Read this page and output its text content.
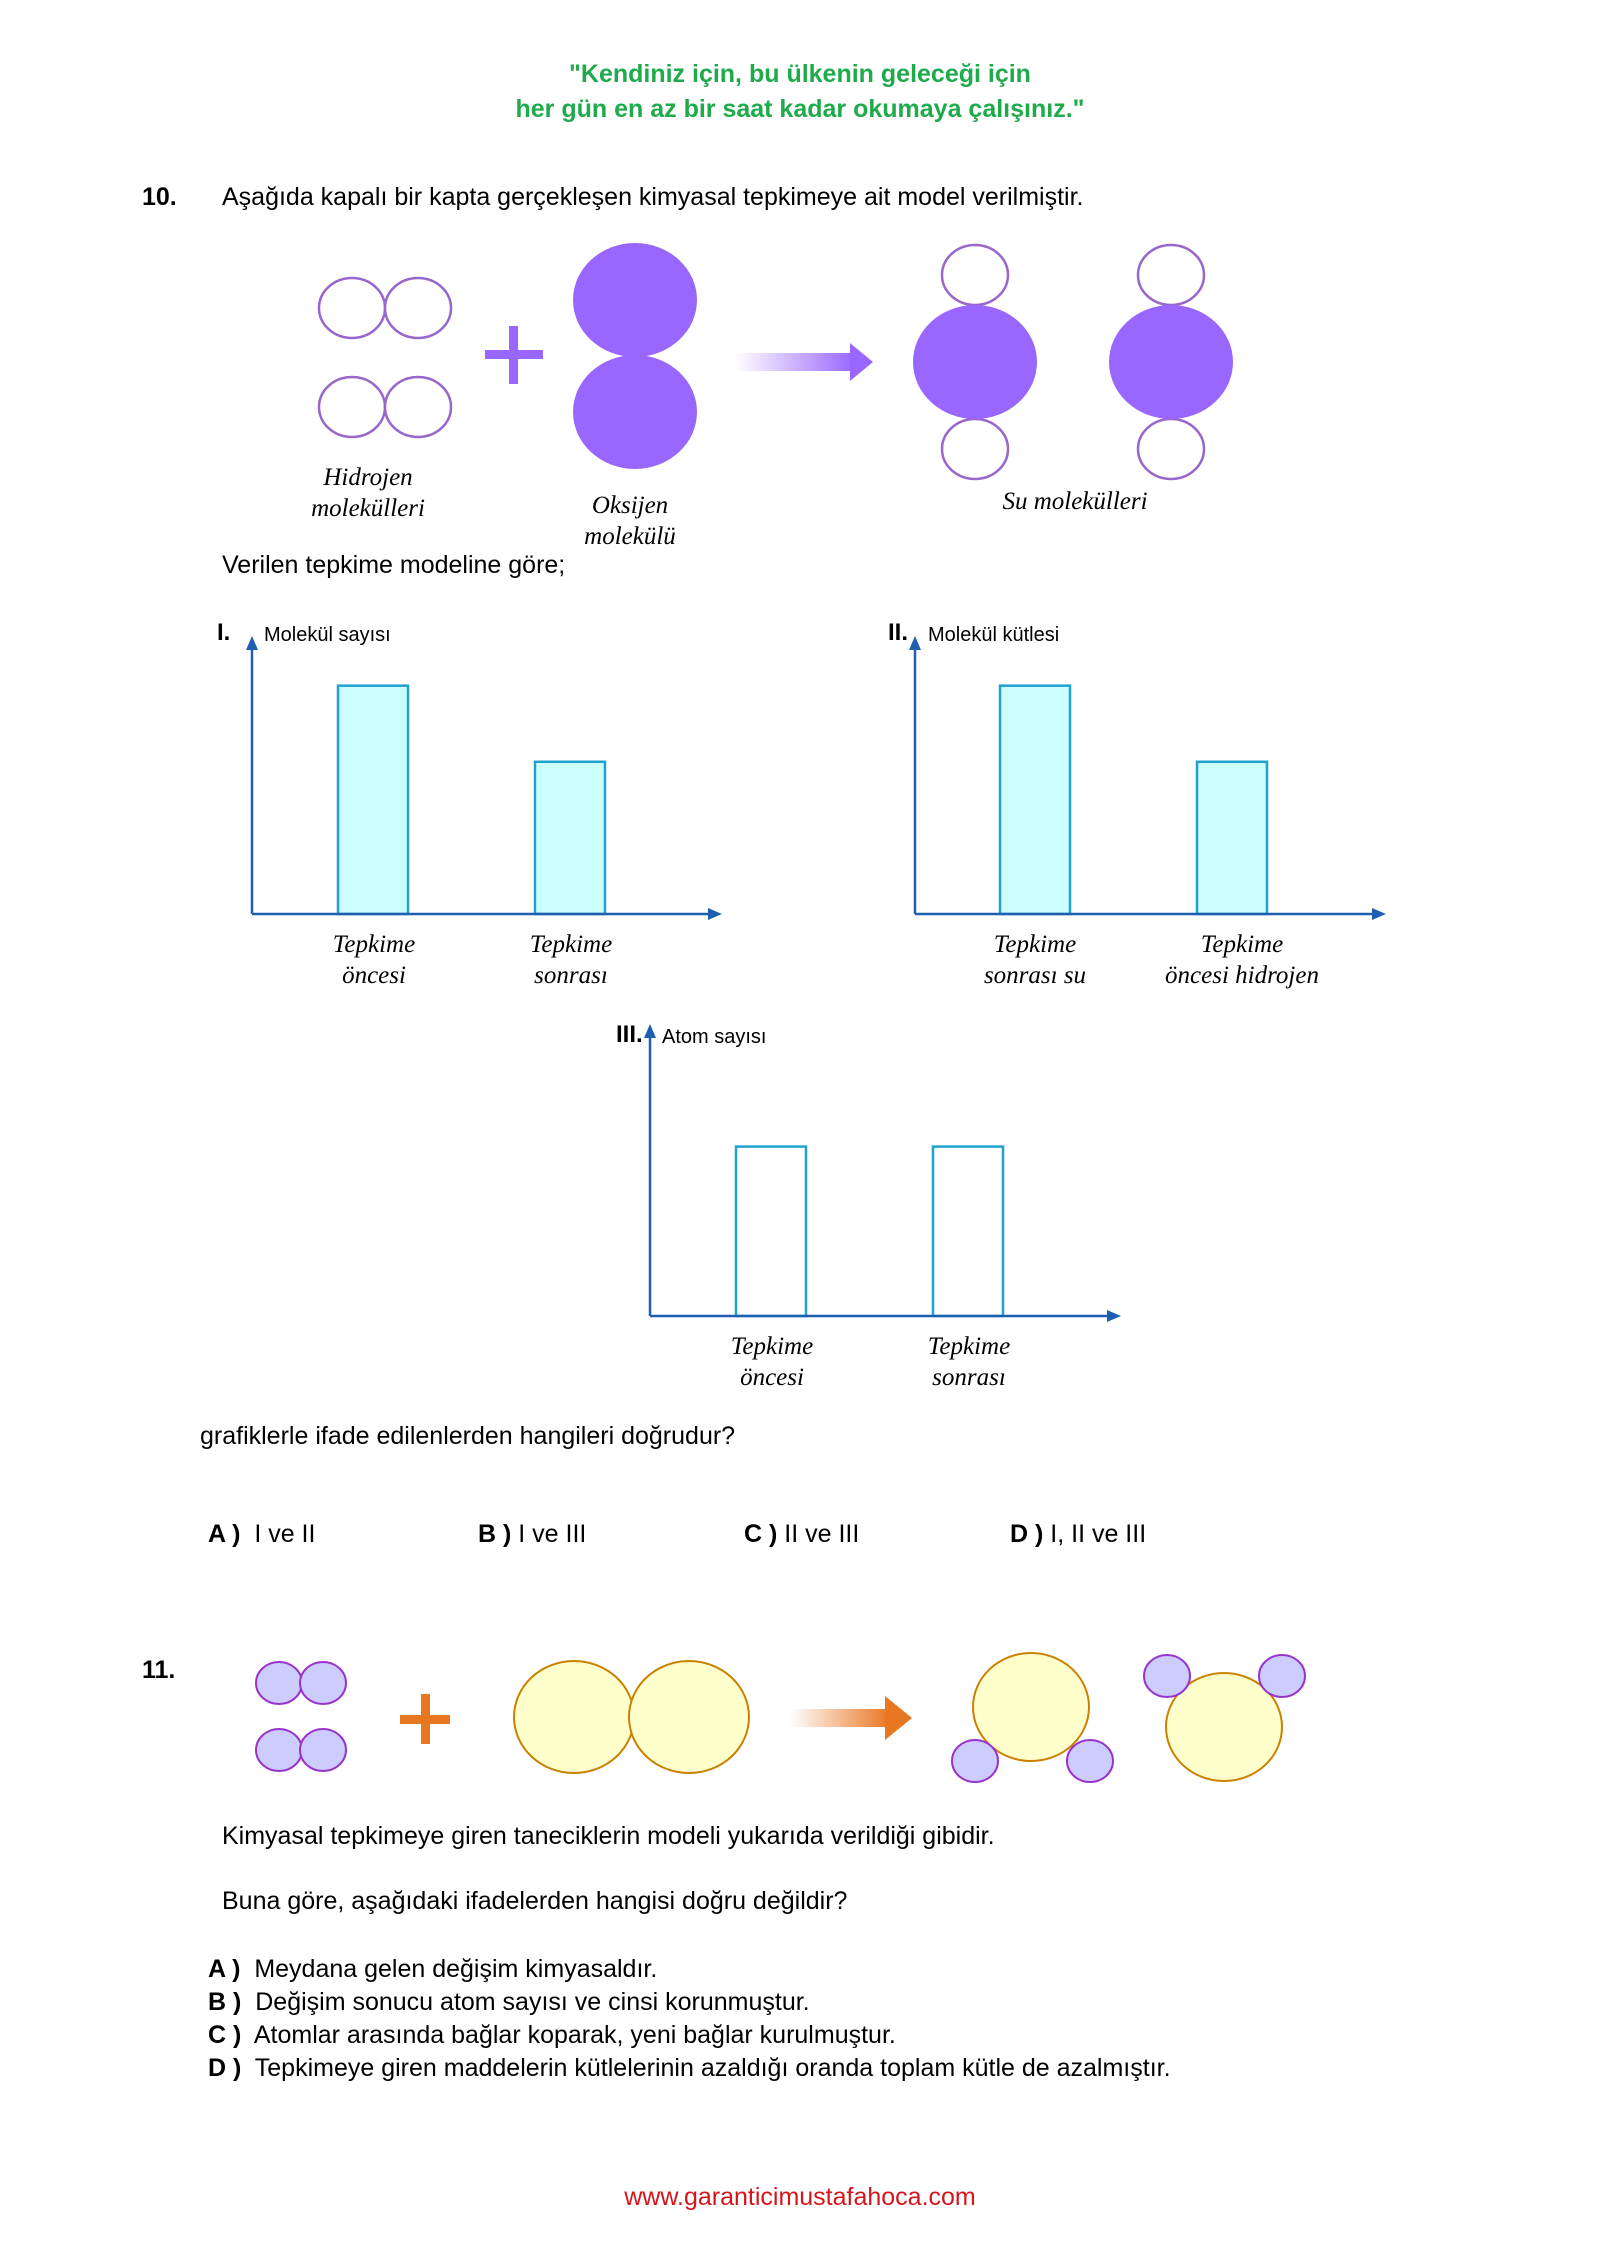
"Kendiniz için, bu ülkenin geleceği için
her gün en az bir saat kadar okumaya çalışınız."
10. Aşağıda kapalı bir kapta gerçekleşen kimyasal tepkimeye ait model verilmiştir.
Hidrojen
molekülleri	Oksijen
molekülü
Su molekülleri
Verilen tepkime modeline göre;
I. Molekül sayısı	II. Molekül kütlesi
III. Atom sayısı
Tepkime
öncesi
Tepkime
sonrası
Tepkime
sonrası su
Tepkime
öncesi hidrojen
Tepkime
öncesi
Tepkime
sonrası
grafiklerle ifade edilenlerden hangileri doğrudur?
A ) I ve II	B ) I ve III	C ) II ve III	D ) I, II ve III
11.
Kimyasal tepkimeye giren taneciklerin modeli yukarıda verildiği gibidir.
Buna göre, aşağıdaki ifadelerden hangisi doğru değildir?
A ) Meydana gelen değişim kimyasaldır.
B ) Değişim sonucu atom sayısı ve cinsi korunmuştur.
C ) Atomlar arasında bağlar koparak, yeni bağlar kurulmuştur.
D ) Tepkimeye giren maddelerin kütlelerinin azaldığı oranda toplam kütle de azalmıştır.
www.garanticimustafahoca.com
